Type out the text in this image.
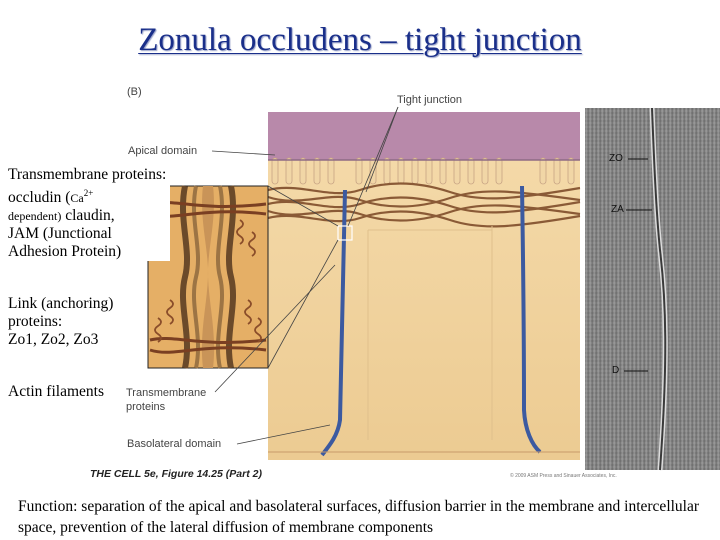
Zonula occludens – tight junction
(B)
Tight junction
Apical domain
Transmembrane proteins
Basolateral domain
ZO
ZA
D
Transmembrane proteins:
occludin ($Ca^{2+}$
dependent) claudin,
JAM (Junctional
Adhesion Protein)
Link (anchoring)
proteins:
Zo1, Zo2, Zo3
Actin filaments
THE CELL 5e, Figure 14.25 (Part 2)	© 2009 ASM Press and Sinauer Associates, Inc.
Function: separation of the apical and basolateral surfaces, diffusion barrier in the membrane and intercellular space, prevention of the lateral diffusion of membrane components
